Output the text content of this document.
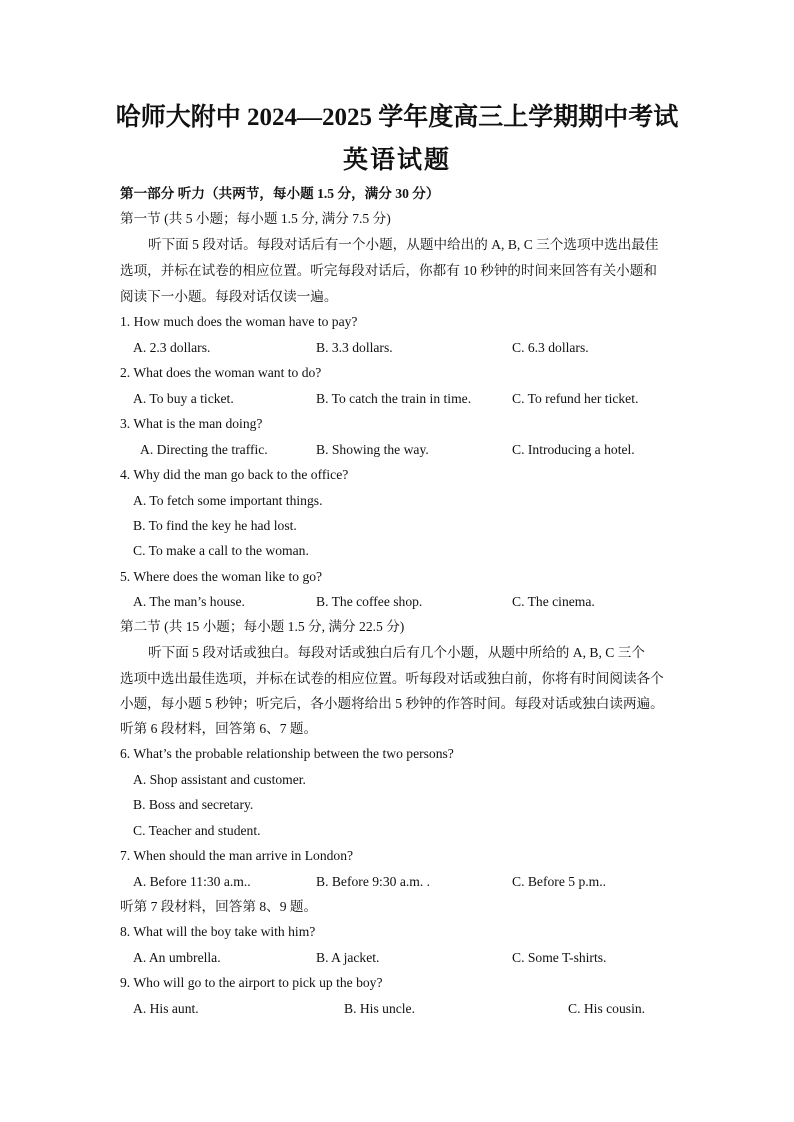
哈师大附中 2024—2025 学年度高三上学期期中考试
英语试题
第一部分 听力（共两节，每小题 1.5 分，满分 30 分）
第一节 (共 5 小题；每小题 1.5 分, 满分 7.5 分)
听下面 5 段对话。每段对话后有一个小题，从题中给出的 A, B, C 三个选项中选出最佳
选项，并标在试卷的相应位置。听完每段对话后，你都有 10 秒钟的时间来回答有关小题和
阅读下一小题。每段对话仅读一遍。
1. How much does the woman have to pay?
A. 2.3 dollars.	B. 3.3 dollars.	C. 6.3 dollars.
2. What does the woman want to do?
A. To buy a ticket.	B. To catch the train in time.	C. To refund her ticket.
3. What is the man doing?
A. Directing the traffic.	B. Showing the way.	C. Introducing a hotel.
4. Why did the man go back to the office?
A. To fetch some important things.
B. To find the key he had lost.
C. To make a call to the woman.
5. Where does the woman like to go?
A. The man’s house.	B. The coffee shop.	C. The cinema.
第二节 (共 15 小题；每小题 1.5 分, 满分 22.5 分)
听下面 5 段对话或独白。每段对话或独白后有几个小题，从题中所给的 A, B, C 三个
选项中选出最佳选项，并标在试卷的相应位置。听每段对话或独白前，你将有时间阅读各个
小题，每小题 5 秒钟；听完后，各小题将给出 5 秒钟的作答时间。每段对话或独白读两遍。
听第 6 段材料，回答第 6、7 题。
6. What’s the probable relationship between the two persons?
A. Shop assistant and customer.
B. Boss and secretary.
C. Teacher and student.
7. When should the man arrive in London?
A. Before 11:30 a.m..	B. Before 9:30 a.m. .	C. Before 5 p.m..
听第 7 段材料，回答第 8、9 题。
8. What will the boy take with him?
A. An umbrella.	B. A jacket.	C. Some T-shirts.
9. Who will go to the airport to pick up the boy?
A. His aunt.	B. His uncle.	C. His cousin.
